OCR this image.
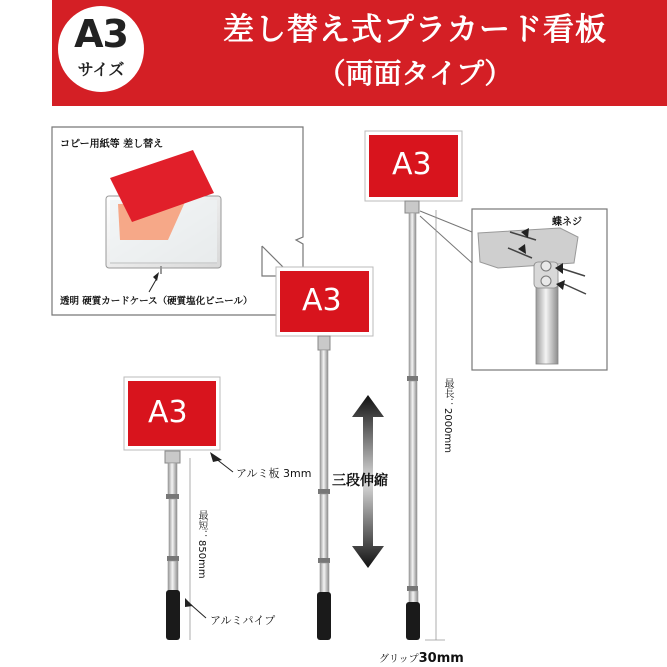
A3
サイズ
差し替え式プラカード看板
（両面タイプ）
A3
A3
A3
コピー用紙等 差し替え
透明 硬質カードケース（硬質塩化ビニール）
蝶ネジ
アルミ板 3mm 三段伸縮
アルミパイプ
最短：850mm
最長：2000mm
グリップ30mm
